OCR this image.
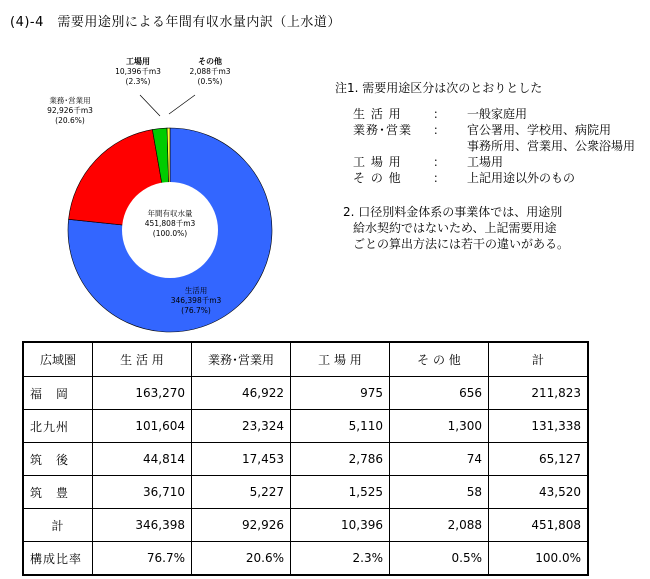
(4)-4　需要用途別による年間有収水量内訳（上水道）
工場用
10,396千m3
(2.3%)
その他
2,088千m3
(0.5%)
業務･営業用
92,926千m3
(20.6%)
年間有収水量
451,808千m3
(100.0%)
生活用
346,398千m3
(76.7%)
注1. 需要用途区分は次のとおりとした
生 活 用	：	一般家庭用
業務･営業	：	官公署用、学校用、病院用
事務所用、営業用、公衆浴場用
工 場 用	：	工場用
そ の 他	：	上記用途以外のもの
2. 口径別料金体系の事業体では、用途別
給水契約ではないため、上記需要用途
ごとの算出方法には若干の違いがある。
広域圏	生 活 用	業務･営業用	工 場 用	そ の 他	計
福　岡	163,270	46,922	975	656	211,823
北九州	101,604	23,324	5,110	1,300	131,338
筑　後	44,814	17,453	2,786	74	65,127
筑　豊	36,710	5,227	1,525	58	43,520
計	346,398	92,926	10,396	2,088	451,808
構成比率	76.7%	20.6%	2.3%	0.5%	100.0%
